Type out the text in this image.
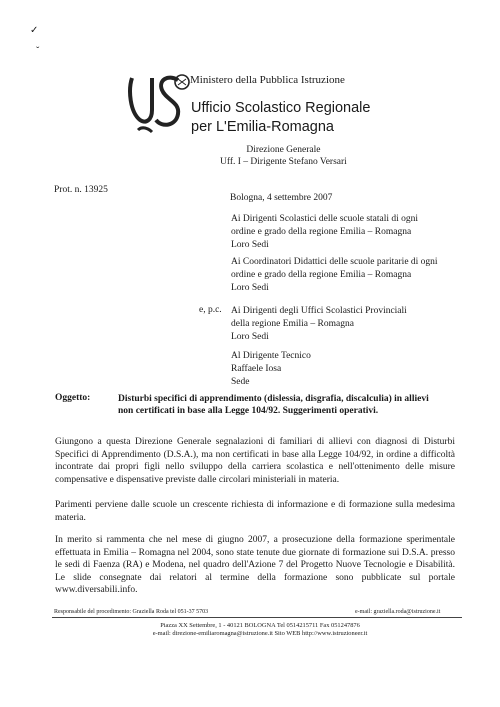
✓
ˇ
Ministero della Pubblica Istruzione
Ufficio Scolastico Regionale
per L'Emilia-Romagna
Direzione Generale
Uff. I – Dirigente Stefano Versari
Prot. n. 13925
Bologna, 4 settembre 2007
Ai Dirigenti Scolastici delle scuole statali di ogni
ordine e grado della regione Emilia – Romagna
Loro Sedi
Ai Coordinatori Didattici delle scuole paritarie di ogni
ordine e grado della regione Emilia – Romagna
Loro Sedi
e, p.c. Ai Dirigenti degli Uffici Scolastici Provinciali
della regione Emilia – Romagna
Loro Sedi
Al Dirigente Tecnico
Raffaele Iosa
Sede
Oggetto:	Disturbi specifici di apprendimento (dislessia, disgrafia, discalculia) in allievi
non certificati in base alla Legge 104/92. Suggerimenti operativi.
Giungono a questa Direzione Generale segnalazioni di familiari di allievi con diagnosi di Disturbi Specifici di Apprendimento (D.S.A.), ma non certificati in base alla Legge 104/92, in ordine a difficoltà incontrate dai propri figli nello sviluppo della carriera scolastica e nell'ottenimento delle misure compensative e dispensative previste dalle circolari ministeriali in materia.
Parimenti perviene dalle scuole un crescente richiesta di informazione e di formazione sulla medesima materia.
In merito si rammenta che nel mese di giugno 2007, a prosecuzione della formazione sperimentale effettuata in Emilia – Romagna nel 2004, sono state tenute due giornate di formazione sui D.S.A. presso le sedi di Faenza (RA) e Modena, nel quadro dell'Azione 7 del Progetto Nuove Tecnologie e Disabilità. Le slide consegnate dai relatori al termine della formazione sono pubblicate sul portale www.diversabili.info.
Responsabile del procedimento: Graziella Roda tel 051-37 5703	e-mail: graziella.roda@istruzione.it
Piazza XX Settembre, 1 - 40121 BOLOGNA Tel 0514215711 Fax 051247876
e-mail: direzione-emiliaromagna@istruzione.it Sito WEB http://www.istruzioneer.it
